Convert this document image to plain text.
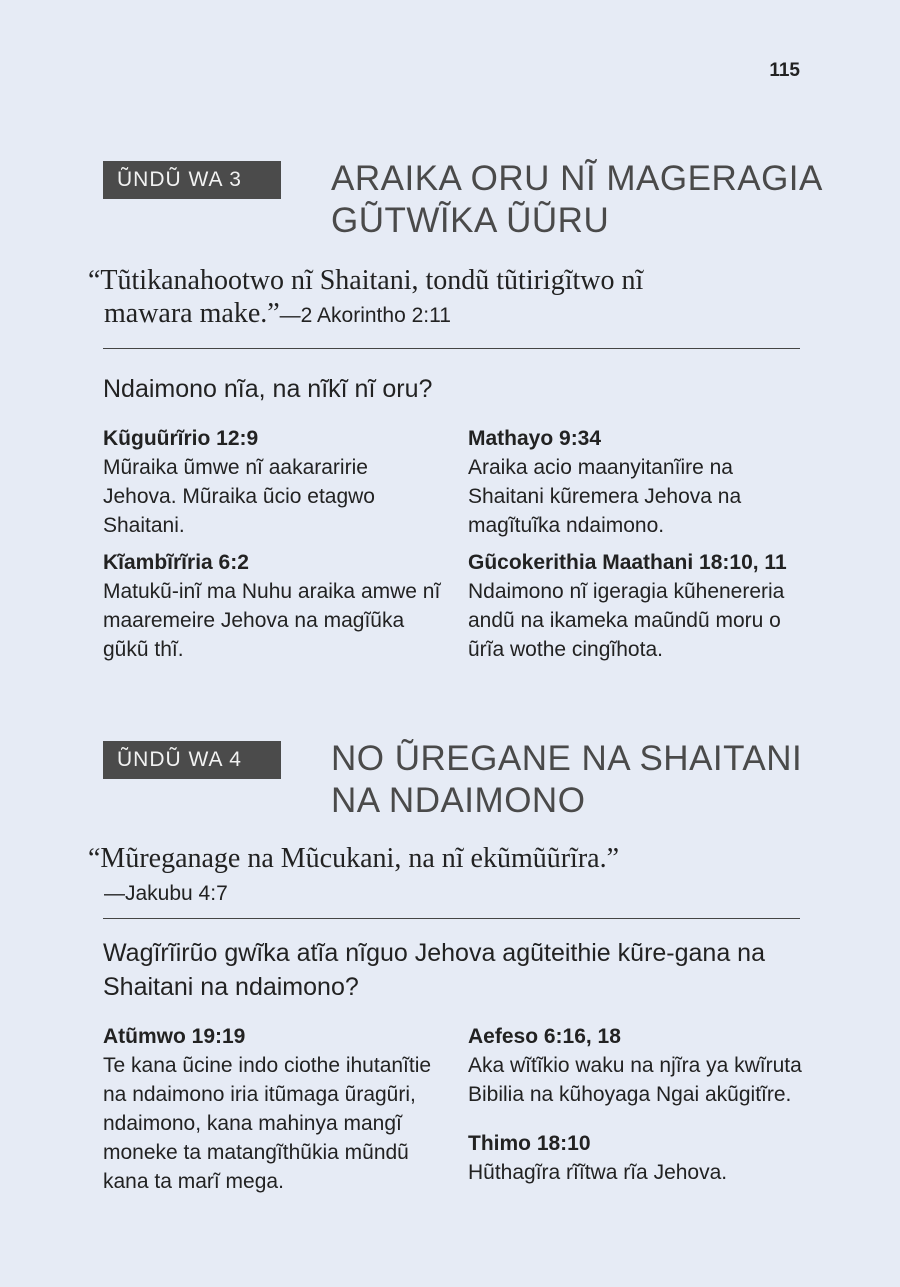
115
ŨNDŨ WA 3	ARAIKA ORU NĨ MAGERAGIA
GŨTWĨKA ŨŨRU
“Tũtikanahootwo nĩ Shaitani, tondũ tũtirigĩtwo nĩ
mawara make.”—2 Akorintho 2:11
Ndaimono nĩa, na nĩkĩ nĩ oru?
Kũguũrĩrio 12:9
Mũraika ũmwe nĩ aakararirie Jehova. Mũraika ũcio etagwo Shaitani.
Kĩambĩrĩria 6:2
Matukũ-inĩ ma Nuhu araika amwe nĩ maaremeire Jehova na magĩũka gũkũ thĩ.
Mathayo 9:34
Araika acio maanyitanĩire na Shaitani kũremera Jehova na magĩtuĩka ndaimono.
Gũcokerithia Maathani 18:10, 11
Ndaimono nĩ igeragia kũhenereria andũ na ikameka maũndũ moru o ũrĩa wothe cingĩhota.
ŨNDŨ WA 4	NO ŨREGANE NA SHAITANI
NA NDAIMONO
“Mũreganage na Mũcukani, na nĩ ekũmũũrĩra.”
—Jakubu 4:7
Wagĩrĩirũo gwĩka atĩa nĩguo Jehova agũteithie kũre-gana na Shaitani na ndaimono?
Atũmwo 19:19
Te kana ũcine indo ciothe ihutanĩtie na ndaimono iria itũmaga ũragũri, ndaimono, kana mahinya mangĩ moneke ta matangĩthũkia mũndũ kana ta marĩ mega.
Aefeso 6:16, 18
Aka wĩtĩkio waku na njĩra ya kwĩruta Bibilia na kũhoyaga Ngai akũgitĩre.
Thimo 18:10
Hũthagĩra rĩĩtwa rĩa Jehova.
